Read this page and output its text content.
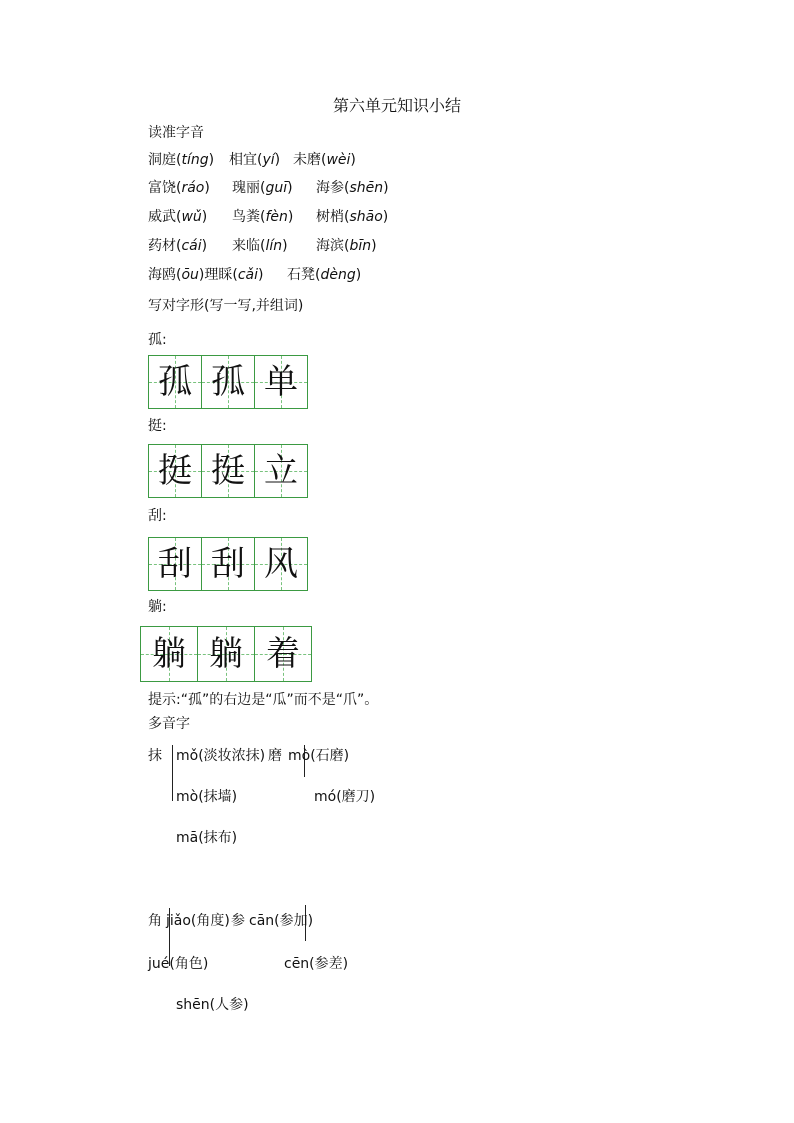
第六单元知识小结
读准字音
洞庭(tíng) 相宜(yí) 未磨(wèi)
富饶(ráo) 瑰丽(guī) 海参(shēn)
威武(wǔ) 鸟粪(fèn) 树梢(shāo)
药材(cái) 来临(lín) 海滨(bīn)
海鸥(ōu)理睬(cǎi) 石凳(dèng)
写对字形(写一写,并组词)
孤:
孤 孤 单
挺:
挺 挺 立
刮:
刮 刮 风
躺:
躺 躺 着
提示:“孤”的右边是“瓜”而不是“爪”。
多音字
抹 mǒ(淡妆浓抹)
mò(抹墙)
mā(抹布)
磨 mò(石磨)
mó(磨刀)
角 jiǎo(角度)
jué(角色)
参 cān(参加)
cēn(参差)
shēn(人参)
